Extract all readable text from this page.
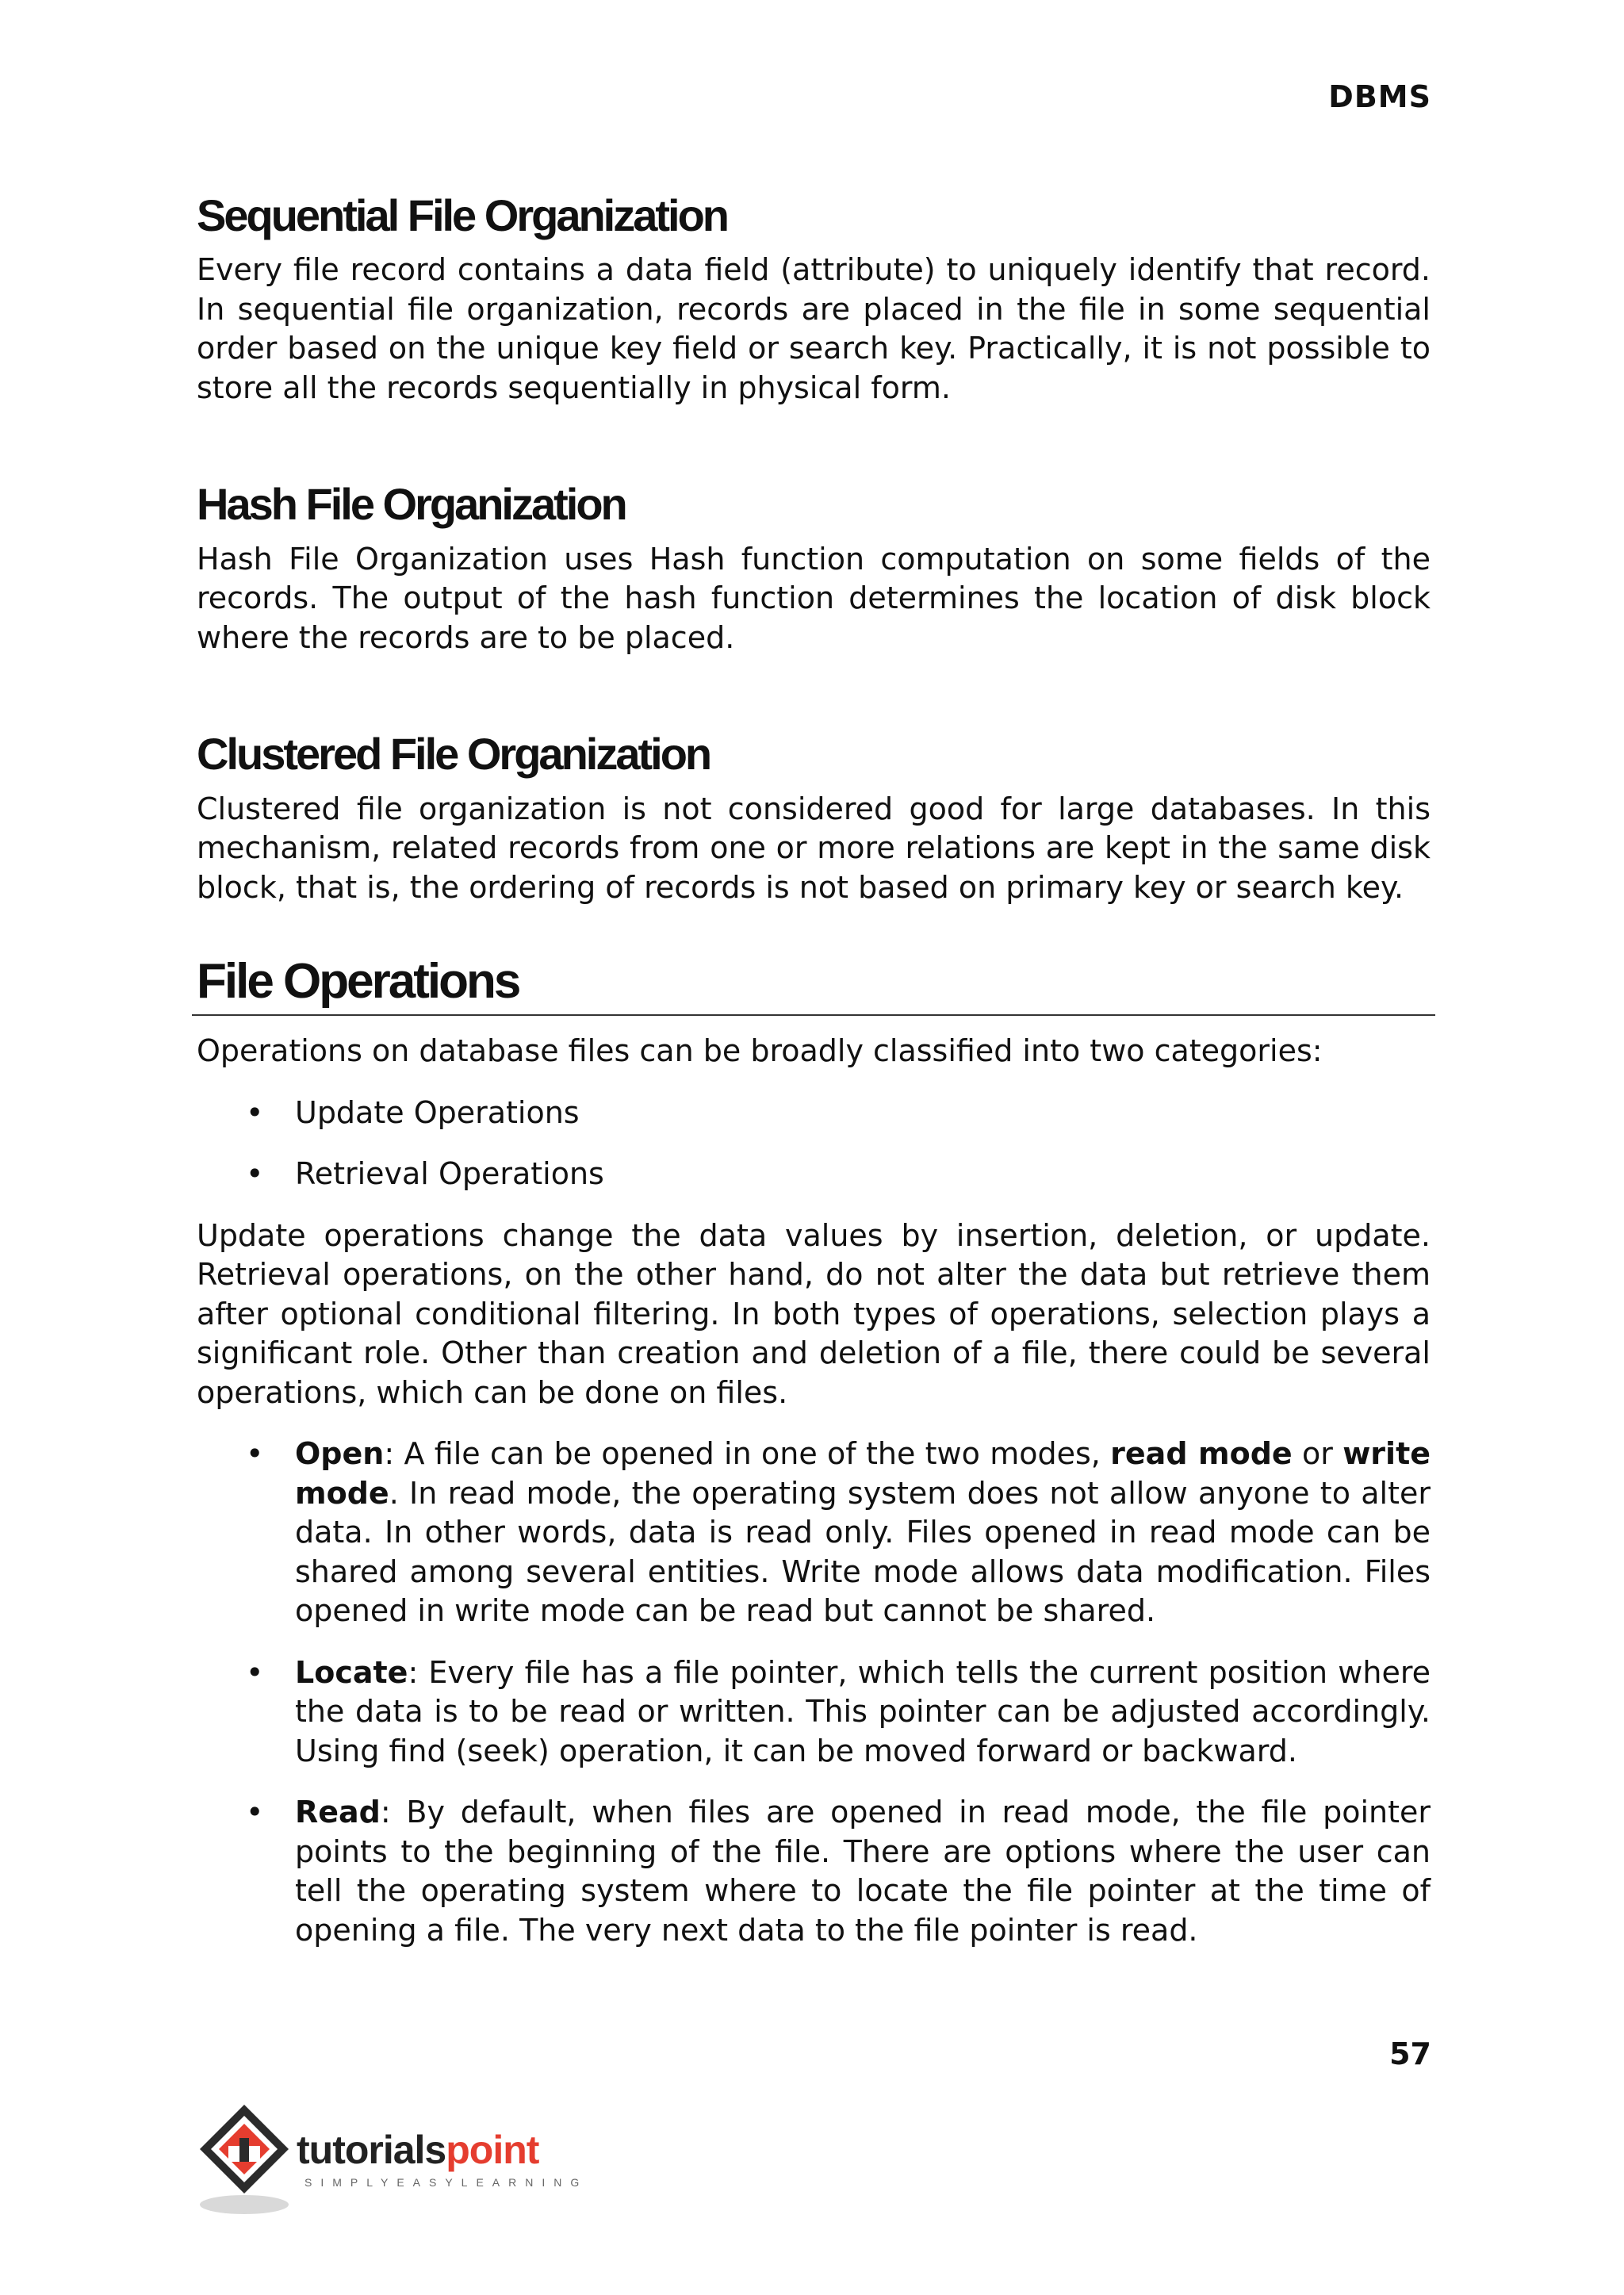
DBMS
Sequential File Organization

Every file record contains a data field (attribute) to uniquely identify that record. In sequential file organization, records are placed in the file in some sequential order based on the unique key field or search key. Practically, it is not possible to store all the records sequentially in physical form.

Hash File Organization

Hash File Organization uses Hash function computation on some fields of the records. The output of the hash function determines the location of disk block where the records are to be placed.

Clustered File Organization

Clustered file organization is not considered good for large databases. In this mechanism, related records from one or more relations are kept in the same disk block, that is, the ordering of records is not based on primary key or search key.

File Operations

Operations on database files can be broadly classified into two categories:

• Update Operations
• Retrieval Operations

Update operations change the data values by insertion, deletion, or update. Retrieval operations, on the other hand, do not alter the data but retrieve them after optional conditional filtering. In both types of operations, selection plays a significant role. Other than creation and deletion of a file, there could be several operations, which can be done on files.

• Open: A file can be opened in one of the two modes, read mode or write mode. In read mode, the operating system does not allow anyone to alter data. In other words, data is read only. Files opened in read mode can be shared among several entities. Write mode allows data modification. Files opened in write mode can be read but cannot be shared.
• Locate: Every file has a file pointer, which tells the current position where the data is to be read or written. This pointer can be adjusted accordingly. Using find (seek) operation, it can be moved forward or backward.
• Read: By default, when files are opened in read mode, the file pointer points to the beginning of the file. There are options where the user can tell the operating system where to locate the file pointer at the time of opening a file. The very next data to the file pointer is read.
57
tutorialspoint
SIMPLYEASYLEARNING
